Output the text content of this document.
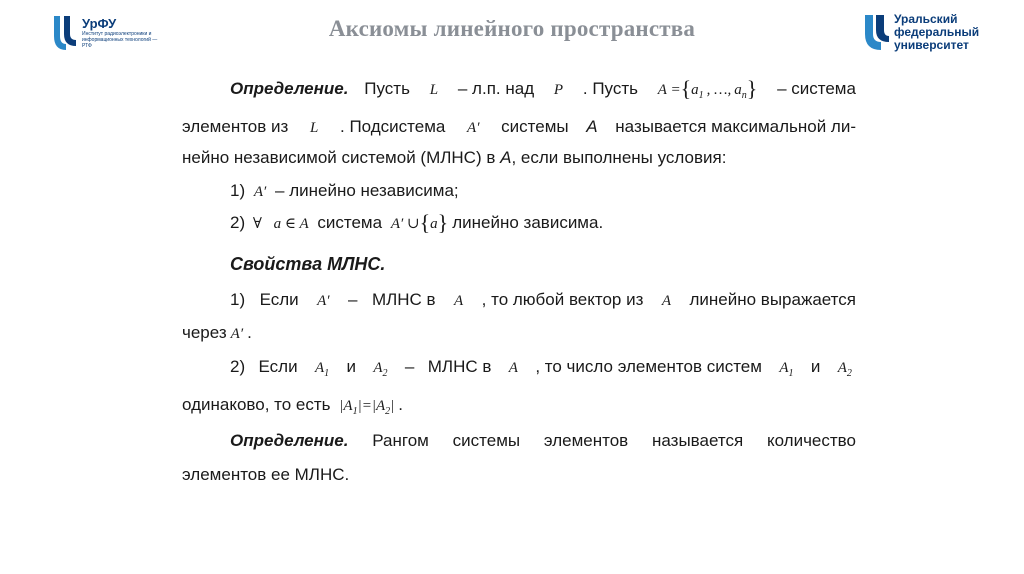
УрФУ
Институт радиоэлектроники и информационных технологий — РТФ
Аксиомы линейного пространства	Уральский
федеральный
университет
Определение. Пусть L – л.п. над P . Пусть $A =\{a_1$ , …, $a_n$} – система
элементов из L . Подсистема A′ системы A называется максимальной ли-
нейно независимой системой (МЛНС) в A, если выполнены условия:
1) A′ – линейно независима;
2) ∀ a ∈ A система A′ ∪{a} линейно зависима.
Свойства МЛНС.
1) Если A′ – МЛНС в A , то любой вектор из A линейно выражается
через A′ .
2) Если $A_1$ и $A_2$ – МЛНС в A , то число элементов систем $A_1$ и $A_2$
одинаково, то есть $|A_1|=|A_2|$ .
Определение. Рангом системы элементов называется количество
элементов ее МЛНС.
